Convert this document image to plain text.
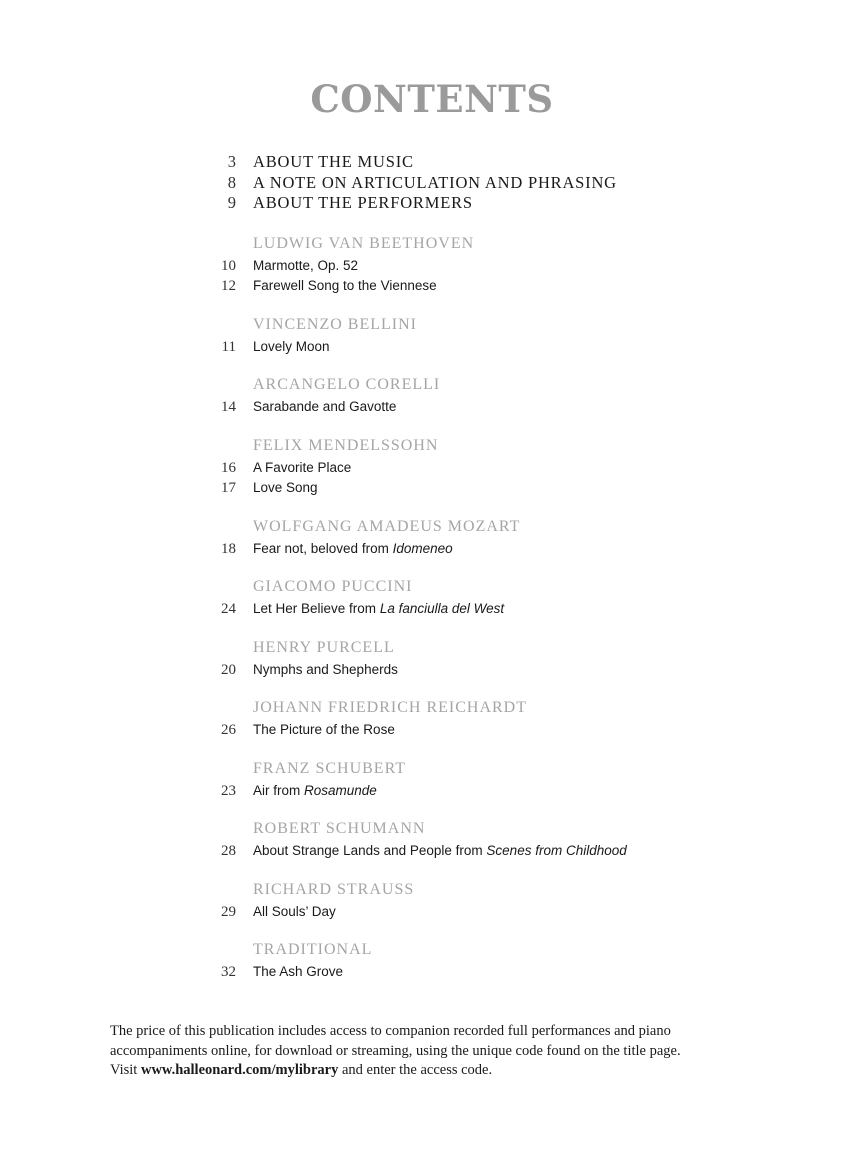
CONTENTS
3	ABOUT THE MUSIC
8	A NOTE ON ARTICULATION AND PHRASING
9	ABOUT THE PERFORMERS
LUDWIG VAN BEETHOVEN
10	Marmotte, Op. 52
12	Farewell Song to the Viennese
VINCENZO BELLINI
11	Lovely Moon
ARCANGELO CORELLI
14	Sarabande and Gavotte
FELIX MENDELSSOHN
16	A Favorite Place
17	Love Song
WOLFGANG AMADEUS MOZART
18	Fear not, beloved from Idomeneo
GIACOMO PUCCINI
24	Let Her Believe from La fanciulla del West
HENRY PURCELL
20	Nymphs and Shepherds
JOHANN FRIEDRICH REICHARDT
26	The Picture of the Rose
FRANZ SCHUBERT
23	Air from Rosamunde
ROBERT SCHUMANN
28	About Strange Lands and People from Scenes from Childhood
RICHARD STRAUSS
29	All Souls’ Day
TRADITIONAL
32	The Ash Grove
The price of this publication includes access to companion recorded full performances and piano
accompaniments online, for download or streaming, using the unique code found on the title page.
Visit www.halleonard.com/mylibrary and enter the access code.
